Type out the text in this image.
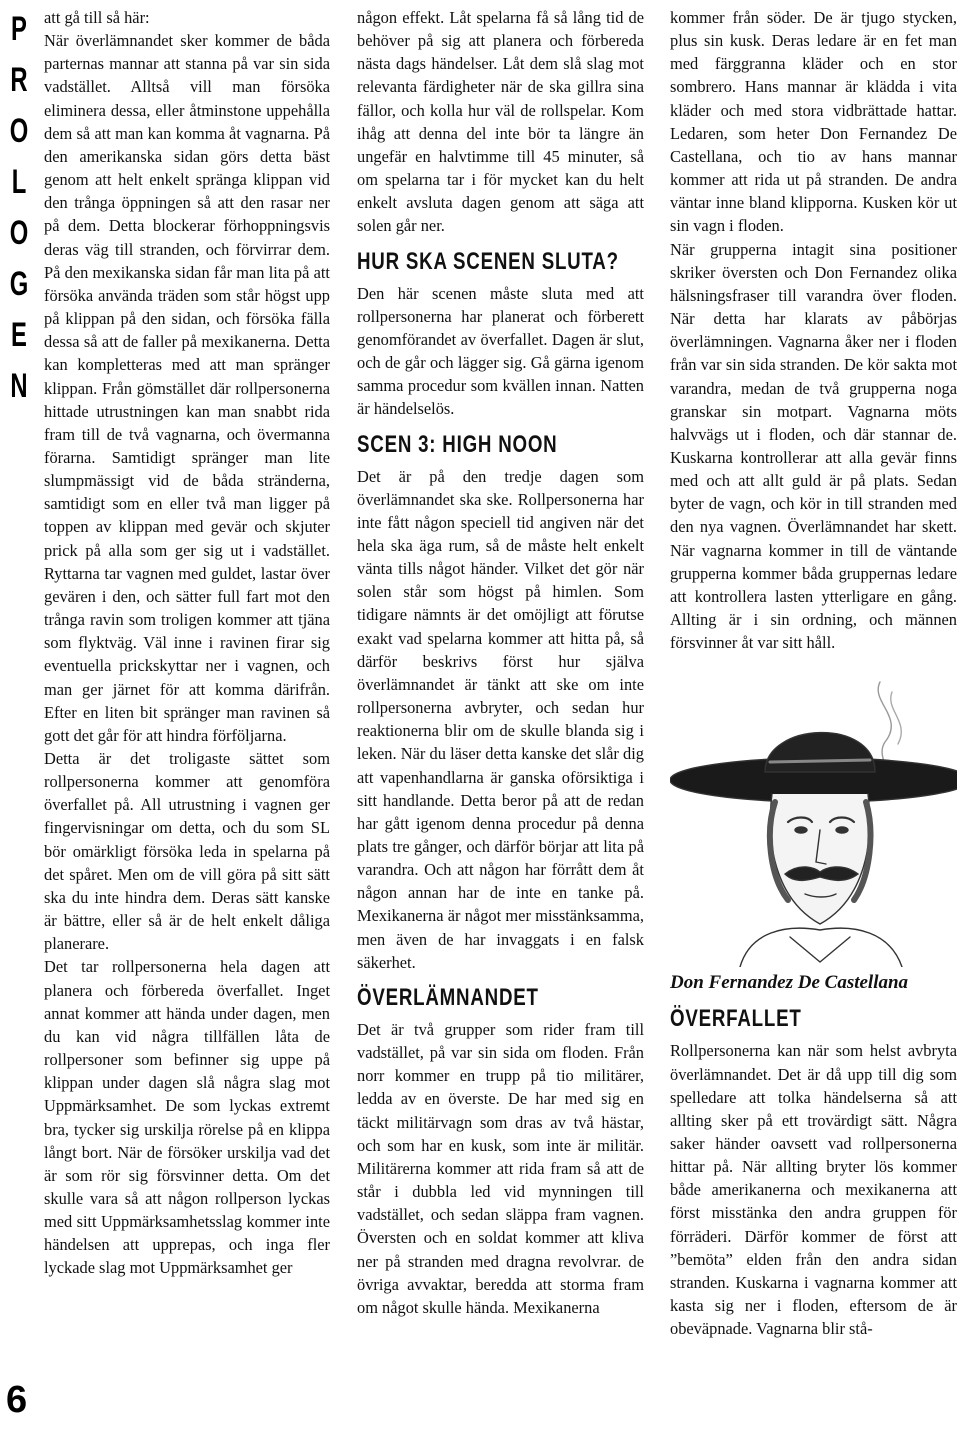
P
R
O
L
O
G
E
N
6

att gå till så här:

När överlämnandet sker kommer de båda parternas mannar att stanna på var sin sida vadstället. Alltså vill man försöka eliminera dessa, eller åtminstone uppehålla dem så att man kan komma åt vagnarna. På den amerikanska sidan görs detta bäst genom att helt enkelt spränga klippan vid den trånga öppningen så att den rasar ner på dem. Detta blockerar förhoppningsvis deras väg till stranden, och förvirrar dem. På den mexikanska sidan får man lita på att försöka använda träden som står högst upp på klippan på den sidan, och försöka fälla dessa så att de faller på mexikanerna. Detta kan kompletteras med att man spränger klippan. Från gömstället där rollpersonerna hittade utrustningen kan man snabbt rida fram till de två vagnarna, och övermanna förarna. Samtidigt spränger man lite slumpmässigt vid de båda stränderna, samtidigt som en eller två man ligger på toppen av klippan med gevär och skjuter prick på alla som ger sig ut i vadstället. Ryttarna tar vagnen med guldet, lastar över gevären i den, och sätter full fart mot den trånga ravin som troligen kommer att tjäna som flyktväg. Väl inne i ravinen firar sig eventuella prickskyttar ner i vagnen, och man ger järnet för att komma därifrån. Efter en liten bit spränger man ravinen så gott det går för att hindra förföljarna.

Detta är det troligaste sättet som rollpersonerna kommer att genomföra överfallet på. All utrustning i vagnen ger fingervisningar om detta, och du som SL bör omärkligt försöka leda in spelarna på det spåret. Men om de vill göra på sitt sätt ska du inte hindra dem. Deras sätt kanske är bättre, eller så är de helt enkelt dåliga planerare.

Det tar rollpersonerna hela dagen att planera och förbereda överfallet. Inget annat kommer att hända under dagen, men du kan vid några tillfällen låta de rollpersoner som befinner sig uppe på klippan under dagen slå några slag mot Uppmärksamhet. De som lyckas extremt bra, tycker sig urskilja rörelse på en klippa långt bort. När de försöker urskilja vad det är som rör sig försvinner detta. Om det skulle vara så att någon rollperson lyckas med sitt Uppmärksamhetsslag kommer inte händelsen att upprepas, och inga fler lyckade slag mot Uppmärksamhet ger

någon effekt. Låt spelarna få så lång tid de behöver på sig att planera och förbereda nästa dags händelser. Låt dem slå slag mot relevanta färdigheter när de ska gillra sina fällor, och kolla hur väl de rollspelar. Kom ihåg att denna del inte bör ta längre än ungefär en halvtimme till 45 minuter, så om spelarna tar i för mycket kan du helt enkelt avsluta dagen genom att säga att solen går ner.

HUR SKA SCENEN SLUTA?

Den här scenen måste sluta med att rollpersonerna har planerat och förberett genomförandet av överfallet. Dagen är slut, och de går och lägger sig. Gå gärna igenom samma procedur som kvällen innan. Natten är händelselös.

SCEN 3: HIGH NOON

Det är på den tredje dagen som överlämnandet ska ske. Rollpersonerna har inte fått någon speciell tid angiven när det hela ska äga rum, så de måste helt enkelt vänta tills något händer. Vilket det gör när solen står som högst på himlen. Som tidigare nämnts är det omöjligt att förutse exakt vad spelarna kommer att hitta på, så därför beskrivs först hur själva överlämnandet är tänkt att ske om inte rollpersonerna avbryter, och sedan hur reaktionerna blir om de skulle blanda sig i leken. När du läser detta kanske det slår dig att vapenhandlarna är ganska oförsiktiga i sitt handlande. Detta beror på att de redan har gått igenom denna procedur på denna plats tre gånger, och därför börjar att lita på varandra. Och att någon har förrått dem åt någon annan har de inte en tanke på. Mexikanerna är något mer misstänksamma, men även de har invaggats i en falsk säkerhet.

ÖVERLÄMNANDET

Det är två grupper som rider fram till vadstället, på var sin sida om floden. Från norr kommer en trupp på tio militärer, ledda av en överste. De har med sig en täckt militärvagn som dras av två hästar, och som har en kusk, som inte är militär. Militärerna kommer att rida fram så att de står i dubbla led vid mynningen till vadstället, och sedan släppa fram vagnen. Översten och en soldat kommer att kliva ner på stranden med dragna revolvrar. de övriga avvaktar, beredda att storma fram om något skulle hända. Mexikanerna

kommer från söder. De är tjugo stycken, plus sin kusk. Deras ledare är en fet man med färggranna kläder och en stor sombrero. Hans mannar är klädda i vita kläder och med stora vidbrättade hattar. Ledaren, som heter Don Fernandez De Castellana, och tio av hans mannar kommer att rida ut på stranden. De andra väntar inne bland klipporna. Kusken kör ut sin vagn i floden.

När grupperna intagit sina positioner skriker översten och Don Fernandez olika hälsningsfraser till varandra över floden. När detta har klarats av påbörjas överlämningen. Vagnarna åker ner i floden från var sin sida stranden. De kör sakta mot varandra, medan de två grupperna noga granskar sin motpart. Vagnarna möts halvvägs ut i floden, och där stannar de. Kuskarna kontrollerar att alla gevär finns med och att allt guld är på plats. Sedan byter de vagn, och kör in till stranden med den nya vagnen. Överlämnandet har skett. När vagnarna kommer in till de väntande grupperna kommer båda gruppernas ledare att kontrollera lasten ytterligare en gång. Allting är i sin ordning, och männen försvinner åt var sitt håll.

Don Fernandez De Castellana

ÖVERFALLET

Rollpersonerna kan när som helst avbryta överlämnandet. Det är då upp till dig som spelledare att tolka händelserna så att allting sker på ett trovärdigt sätt. Några saker händer oavsett vad rollpersonerna hittar på. När allting bryter lös kommer både amerikanerna och mexikanerna att först misstänka den andra gruppen för förräderi. Därför kommer de först att ”bemöta” elden från den andra sidan stranden. Kuskarna i vagnarna kommer att kasta sig ner i floden, eftersom de är obeväpnade. Vagnarna blir stå-
